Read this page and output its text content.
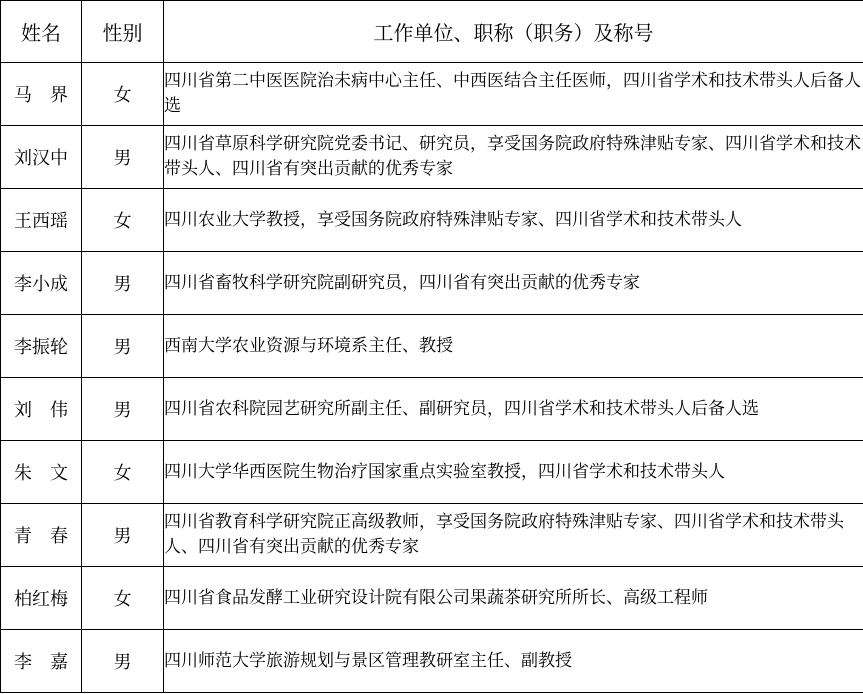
姓名	性别	工作单位、职称（职务）及称号
马　界	女	四川省第二中医医院治未病中心主任、中西医结合主任医师，四川省学术和技术带头人后备人选
刘汉中	男	四川省草原科学研究院党委书记、研究员，享受国务院政府特殊津贴专家、四川省学术和技术带头人、四川省有突出贡献的优秀专家
王西瑶	女	四川农业大学教授，享受国务院政府特殊津贴专家、四川省学术和技术带头人
李小成	男	四川省畜牧科学研究院副研究员，四川省有突出贡献的优秀专家
李振轮	男	西南大学农业资源与环境系主任、教授
刘　伟	男	四川省农科院园艺研究所副主任、副研究员，四川省学术和技术带头人后备人选
朱　文	女	四川大学华西医院生物治疗国家重点实验室教授，四川省学术和技术带头人
青　春	男	四川省教育科学研究院正高级教师，享受国务院政府特殊津贴专家、四川省学术和技术带头人、四川省有突出贡献的优秀专家
柏红梅	女	四川省食品发酵工业研究设计院有限公司果蔬茶研究所所长、高级工程师
李　嘉	男	四川师范大学旅游规划与景区管理教研室主任、副教授
